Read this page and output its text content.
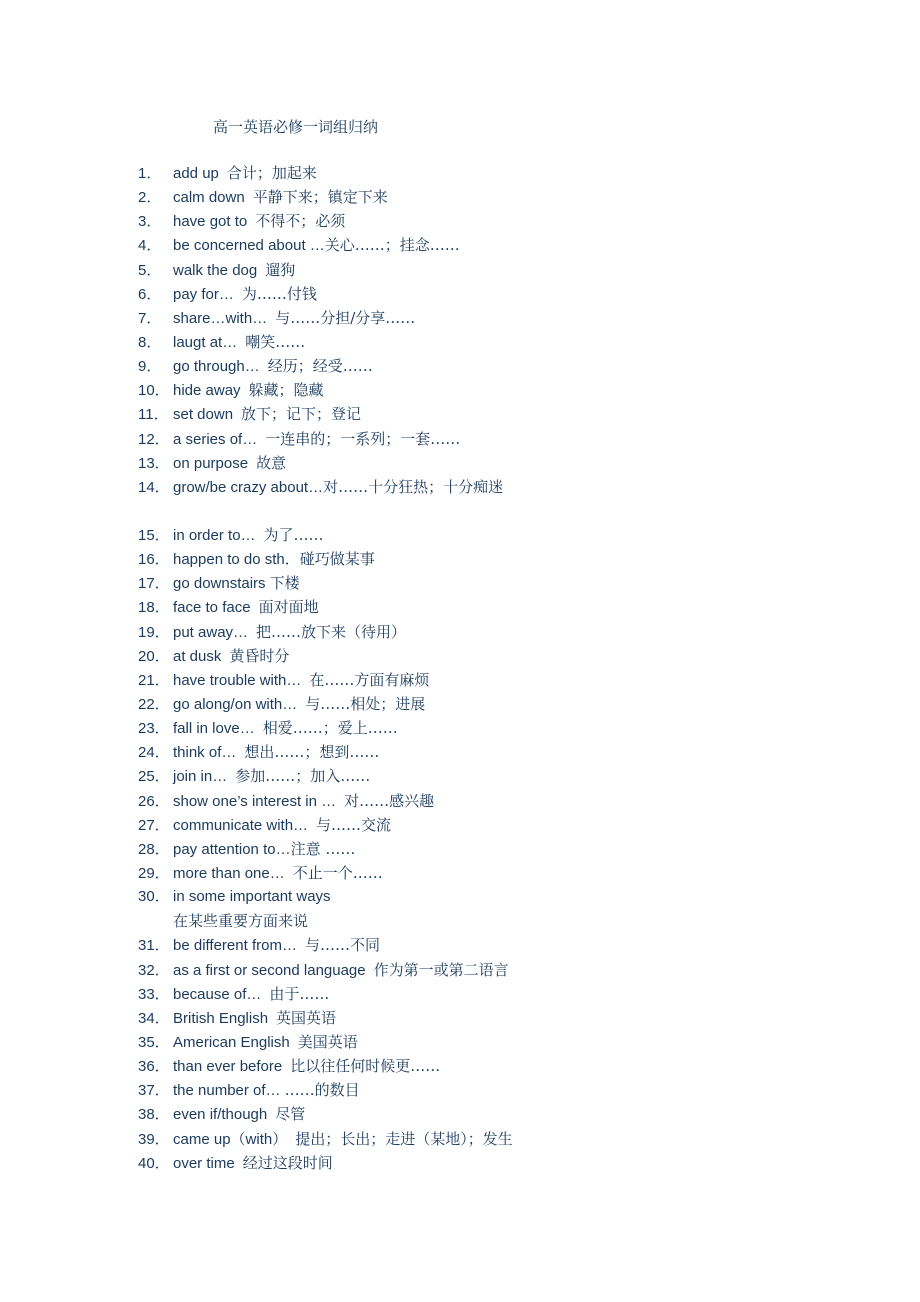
高一英语必修一词组归纳
1． add up 合计；加起来
2． calm down 平静下来；镇定下来
3． have got to 不得不；必须
4． be concerned about …关心……；挂念……
5． walk the dog 遛狗
6． pay for… 为……付钱
7． share…with… 与……分担/分享……
8． laugt at… 嘲笑……
9． go through… 经历；经受……
10． hide away 躲藏；隐藏
11． set down 放下；记下；登记
12． a series of… 一连串的；一系列；一套……
13． on purpose 故意
14． grow/be crazy about…对……十分狂热；十分痴迷
15． in order to… 为了……
16． happen to do sth．碰巧做某事
17． go downstairs 下楼
18． face to face 面对面地
19． put away… 把……放下来（待用）
20． at dusk 黄昏时分
21． have trouble with… 在……方面有麻烦
22． go along/on with… 与……相处；进展
23． fall in love… 相爱……；爱上……
24． think of… 想出……；想到……
25． join in… 参加……；加入……
26． show one’s interest in … 对……感兴趣
27． communicate with… 与……交流
28． pay attention to…注意 ……
29． more than one… 不止一个……
30． in some important ways
在某些重要方面来说
31． be different from… 与……不同
32． as a first or second language 作为第一或第二语言
33． because of… 由于……
34． British English 英国英语
35． American English 美国英语
36． than ever before 比以往任何时候更……
37． the number of… ……的数目
38． even if/though 尽管
39． came up（with） 提出；长出；走进（某地）；发生
40． over time 经过这段时间
